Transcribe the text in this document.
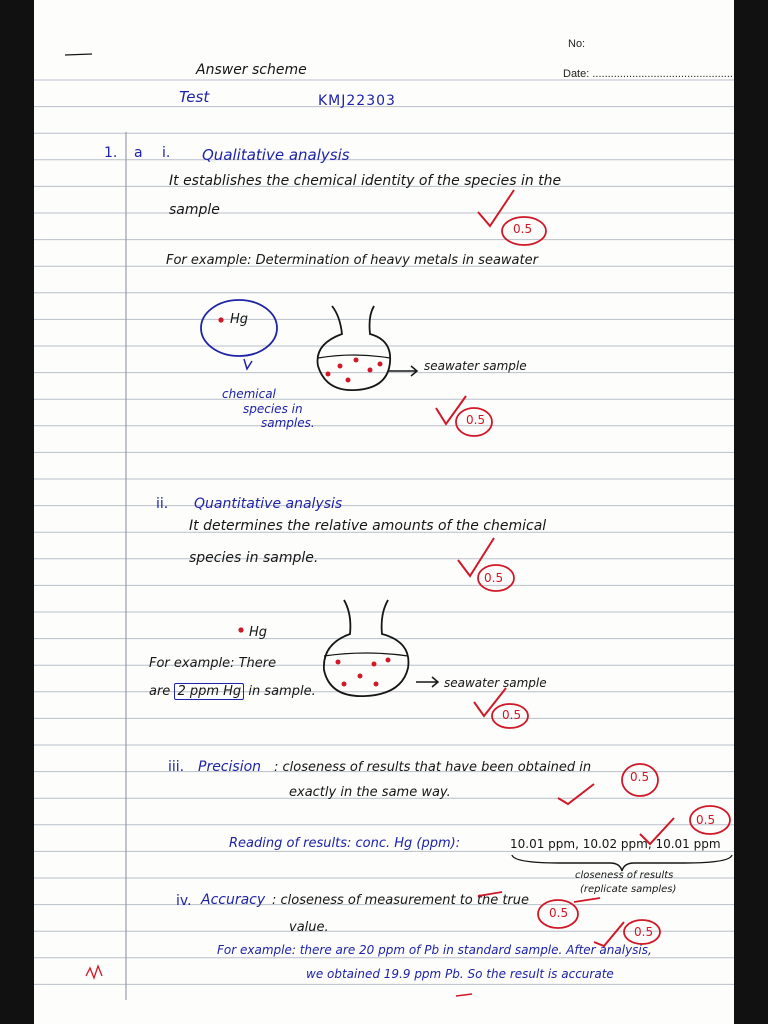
No:
Date: ..............................................
Answer scheme
Test	KMJ22303
1. a i. Qualitative analysis
It establishes the chemical identity of the species in the
sample
0.5
For example: Determination of heavy metals in seawater
Hg
chemical
species in
samples.
seawater sample
0.5
ii. Quantitative analysis
It determines the relative amounts of the chemical
species in sample.
0.5
Hg
For example: There
are 2 ppm Hg in sample.
seawater sample
0.5
iii. Precision : closeness of results that have been obtained in
exactly in the same way.
0.5
Reading of results: conc. Hg (ppm):	10.01 ppm, 10.02 ppm, 10.01 ppm
0.5
closeness of results
(replicate samples)
iv. Accuracy : closeness of measurement to the true
value.
0.5
0.5
For example: there are 20 ppm of Pb in standard sample. After analysis,
we obtained 19.9 ppm Pb. So the result is accurate
